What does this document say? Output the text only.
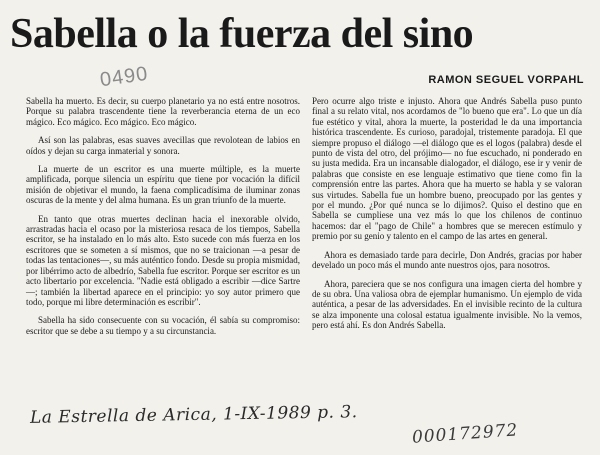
Sabella o la fuerza del sino
RAMON SEGUEL VORPAHL
0490

Sabella ha muerto. Es decir, su cuerpo planetario ya no está entre nosotros. Porque su palabra trascendente tiene la reverberancia eterna de un eco mágico. Eco mágico. Eco mágico. Eco mágico.

Así son las palabras, esas suaves avecillas que revolotean de labios en oídos y dejan su carga inmaterial y sonora.

La muerte de un escritor es una muerte múltiple, es la muerte amplificada, porque silencia un espíritu que tiene por vocación la difícil misión de objetivar el mundo, la faena complicadísima de iluminar zonas oscuras de la mente y del alma humana. Es un gran triunfo de la muerte.

En tanto que otras muertes declinan hacia el inexorable olvido, arrastradas hacia el ocaso por la misteriosa resaca de los tiempos, Sabella escritor, se ha instalado en lo más alto. Esto sucede con más fuerza en los escritores que se someten a sí mismos, que no se traicionan —a pesar de todas las tentaciones—, su más auténtico fondo. Desde su propia mismidad, por libérrimo acto de albedrío, Sabella fue escritor. Porque ser escritor es un acto libertario por excelencia. "Nadie está obligado a escribir —dice Sartre—; también la libertad aparece en el principio: yo soy autor primero que todo, porque mi libre determinación es escribir".

Sabella ha sido consecuente con su vocación, él sabía su compromiso: escritor que se debe a su tiempo y a su circunstancia.

Pero ocurre algo triste e injusto. Ahora que Andrés Sabella puso punto final a su relato vital, nos acordamos de "lo bueno que era". Lo que un día fue estético y vital, ahora la muerte, la posteridad le da una importancia histórica trascendente. Es curioso, paradojal, tristemente paradoja. El que siempre propuso el diálogo —el diálogo que es el logos (palabra) desde el punto de vista del otro, del prójimo— no fue escuchado, ni ponderado en su justa medida. Era un incansable dialogador, el diálogo, ese ir y venir de palabras que consiste en ese lenguaje estimativo que tiene como fin la comprensión entre las partes. Ahora que ha muerto se habla y se valoran sus virtudes. Sabella fue un hombre bueno, preocupado por las gentes y por el mundo. ¿Por qué nunca se lo dijimos?. Quiso el destino que en Sabella se cumpliese una vez más lo que los chilenos de continuo hacemos: dar el "pago de Chile" a hombres que se merecen estímulo y premio por su genio y talento en el campo de las artes en general.

Ahora es demasiado tarde para decirle, Don Andrés, gracias por haber develado un poco más el mundo ante nuestros ojos, para nosotros.

Ahora, pareciera que se nos configura una imagen cierta del hombre y de su obra. Una valiosa obra de ejemplar humanismo. Un ejemplo de vida auténtica, a pesar de las adversidades. En el invisible recinto de la cultura se alza imponente una colosal estatua igualmente invisible. No la vemos, pero está ahí. Es don Andrés Sabella.

La Estrella de Arica, 1-IX-1989 p. 3.
000172972
